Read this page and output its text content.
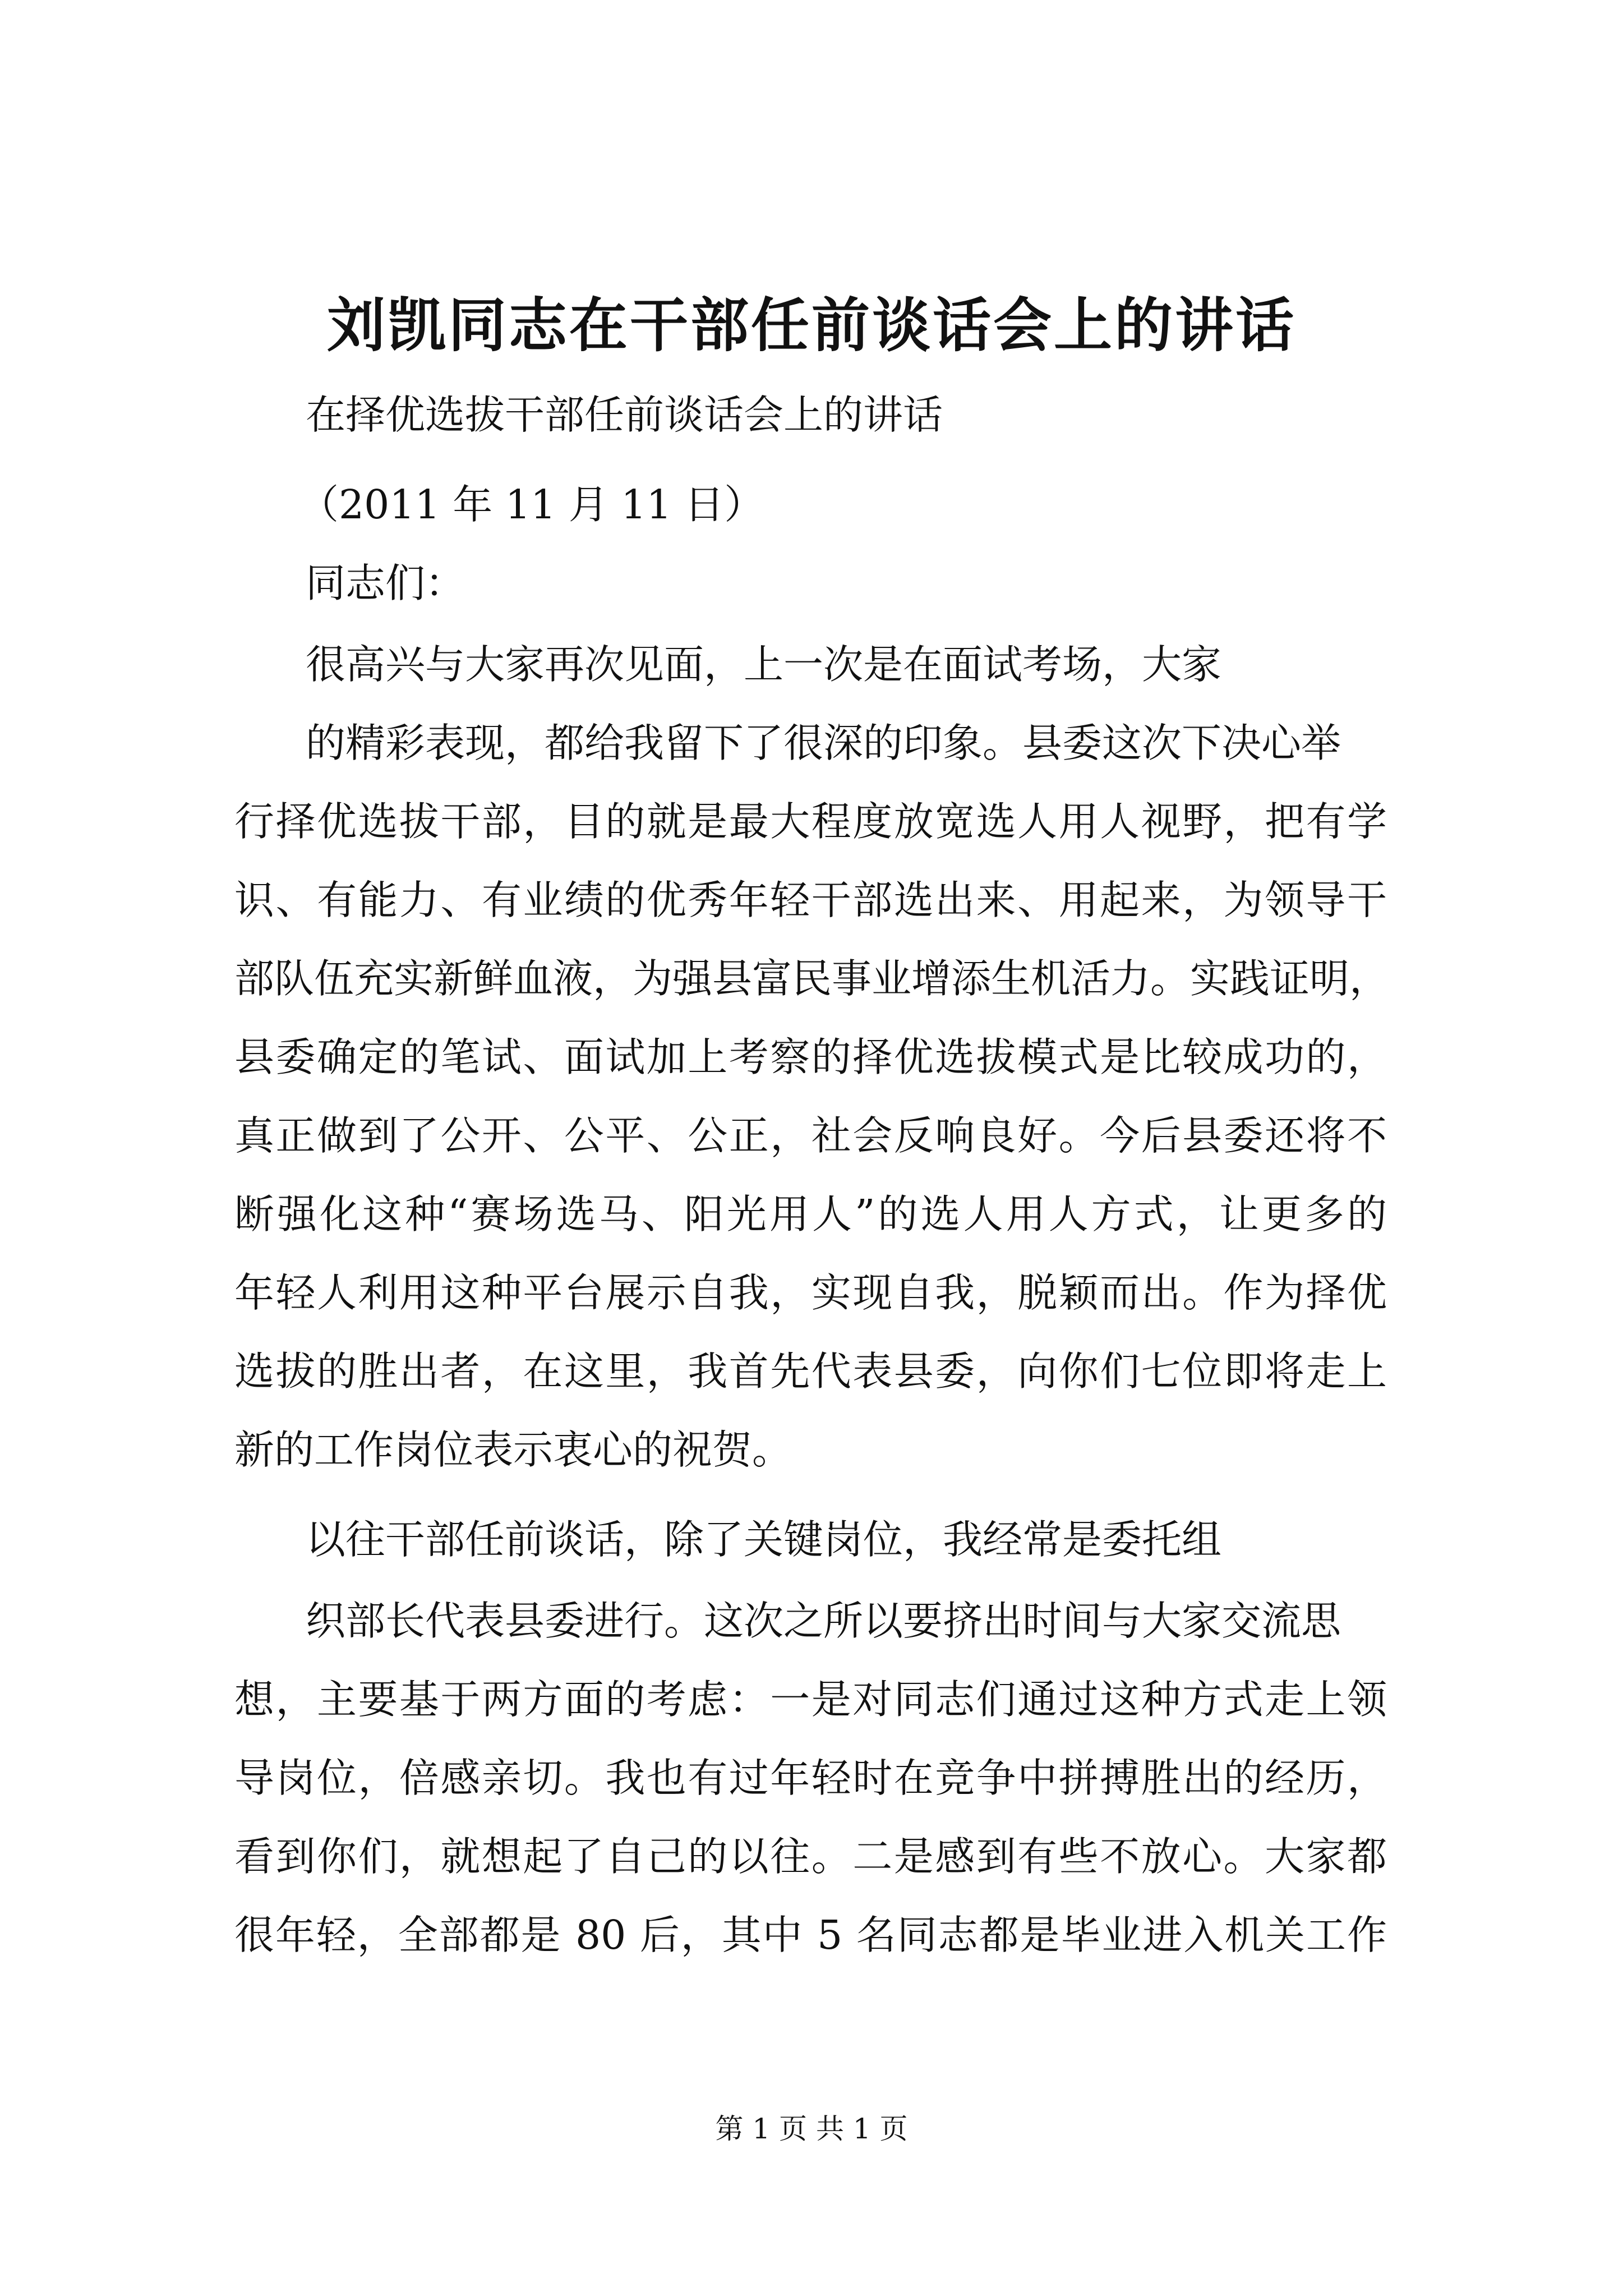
刘凯同志在干部任前谈话会上的讲话
在择优选拔干部任前谈话会上的讲话
（2011 年 11 月 11 日）
同志们：
很高兴与大家再次见面，上一次是在面试考场，大家
的精彩表现，都给我留下了很深的印象。县委这次下决心举
行择优选拔干部，目的就是最大程度放宽选人用人视野，把有学
识、有能力、有业绩的优秀年轻干部选出来、用起来，为领导干
部队伍充实新鲜血液，为强县富民事业增添生机活力。实践证明，
县委确定的笔试、面试加上考察的择优选拔模式是比较成功的，
真正做到了公开、公平、公正，社会反响良好。今后县委还将不
断强化这种“赛场选马、阳光用人”的选人用人方式，让更多的
年轻人利用这种平台展示自我，实现自我，脱颖而出。作为择优
选拔的胜出者，在这里，我首先代表县委，向你们七位即将走上
新的工作岗位表示衷心的祝贺。
以往干部任前谈话，除了关键岗位，我经常是委托组
织部长代表县委进行。这次之所以要挤出时间与大家交流思
想，主要基于两方面的考虑：一是对同志们通过这种方式走上领
导岗位，倍感亲切。我也有过年轻时在竞争中拼搏胜出的经历，
看到你们，就想起了自己的以往。二是感到有些不放心。大家都
很年轻，全部都是 80 后，其中 5 名同志都是毕业进入机关工作
第 1 页 共 1 页
